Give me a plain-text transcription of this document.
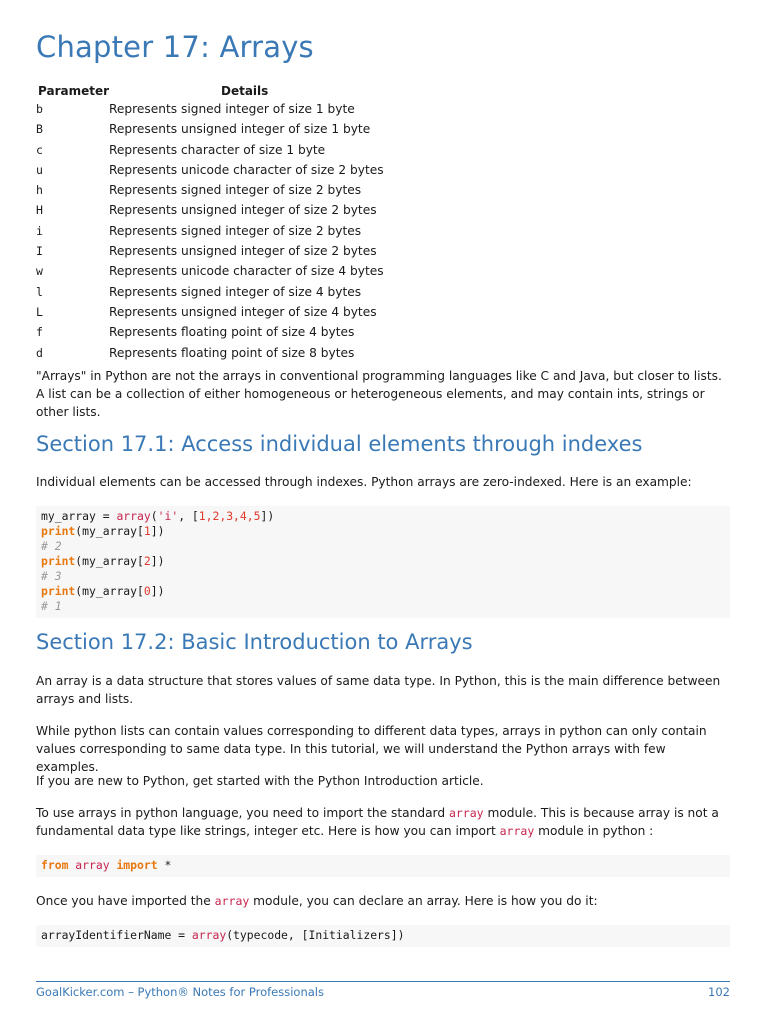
Chapter 17: Arrays
Parameter	Details
b	Represents signed integer of size 1 byte
B	Represents unsigned integer of size 1 byte
c	Represents character of size 1 byte
u	Represents unicode character of size 2 bytes
h	Represents signed integer of size 2 bytes
H	Represents unsigned integer of size 2 bytes
i	Represents signed integer of size 2 bytes
I	Represents unsigned integer of size 2 bytes
w	Represents unicode character of size 4 bytes
l	Represents signed integer of size 4 bytes
L	Represents unsigned integer of size 4 bytes
f	Represents floating point of size 4 bytes
d	Represents floating point of size 8 bytes

"Arrays" in Python are not the arrays in conventional programming languages like C and Java, but closer to lists. A list can be a collection of either homogeneous or heterogeneous elements, and may contain ints, strings or other lists.

Section 17.1: Access individual elements through indexes

Individual elements can be accessed through indexes. Python arrays are zero-indexed. Here is an example:

my_array = array('i', [1,2,3,4,5])
print(my_array[1])
# 2
print(my_array[2])
# 3
print(my_array[0])
# 1
Section 17.2: Basic Introduction to Arrays

An array is a data structure that stores values of same data type. In Python, this is the main difference between arrays and lists.

While python lists can contain values corresponding to different data types, arrays in python can only contain values corresponding to same data type. In this tutorial, we will understand the Python arrays with few examples.

If you are new to Python, get started with the Python Introduction article.

To use arrays in python language, you need to import the standard array module. This is because array is not a fundamental data type like strings, integer etc. Here is how you can import array module in python :

from array import *

Once you have imported the array module, you can declare an array. Here is how you do it:

arrayIdentifierName = array(typecode, [Initializers])
GoalKicker.com – Python® Notes for Professionals	102
